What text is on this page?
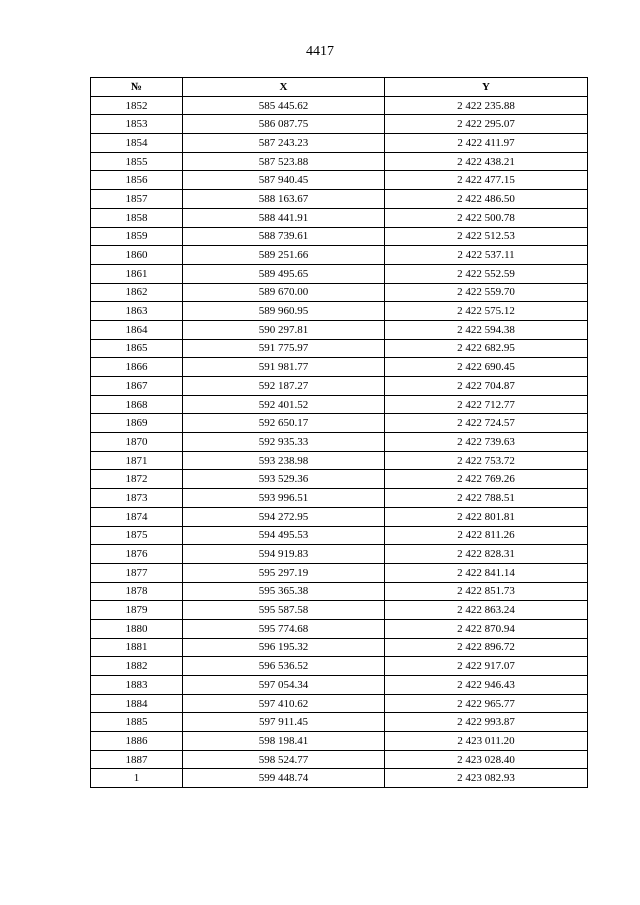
4417
№	X	Y
1852	585 445.62	2 422 235.88
1853	586 087.75	2 422 295.07
1854	587 243.23	2 422 411.97
1855	587 523.88	2 422 438.21
1856	587 940.45	2 422 477.15
1857	588 163.67	2 422 486.50
1858	588 441.91	2 422 500.78
1859	588 739.61	2 422 512.53
1860	589 251.66	2 422 537.11
1861	589 495.65	2 422 552.59
1862	589 670.00	2 422 559.70
1863	589 960.95	2 422 575.12
1864	590 297.81	2 422 594.38
1865	591 775.97	2 422 682.95
1866	591 981.77	2 422 690.45
1867	592 187.27	2 422 704.87
1868	592 401.52	2 422 712.77
1869	592 650.17	2 422 724.57
1870	592 935.33	2 422 739.63
1871	593 238.98	2 422 753.72
1872	593 529.36	2 422 769.26
1873	593 996.51	2 422 788.51
1874	594 272.95	2 422 801.81
1875	594 495.53	2 422 811.26
1876	594 919.83	2 422 828.31
1877	595 297.19	2 422 841.14
1878	595 365.38	2 422 851.73
1879	595 587.58	2 422 863.24
1880	595 774.68	2 422 870.94
1881	596 195.32	2 422 896.72
1882	596 536.52	2 422 917.07
1883	597 054.34	2 422 946.43
1884	597 410.62	2 422 965.77
1885	597 911.45	2 422 993.87
1886	598 198.41	2 423 011.20
1887	598 524.77	2 423 028.40
1	599 448.74	2 423 082.93
